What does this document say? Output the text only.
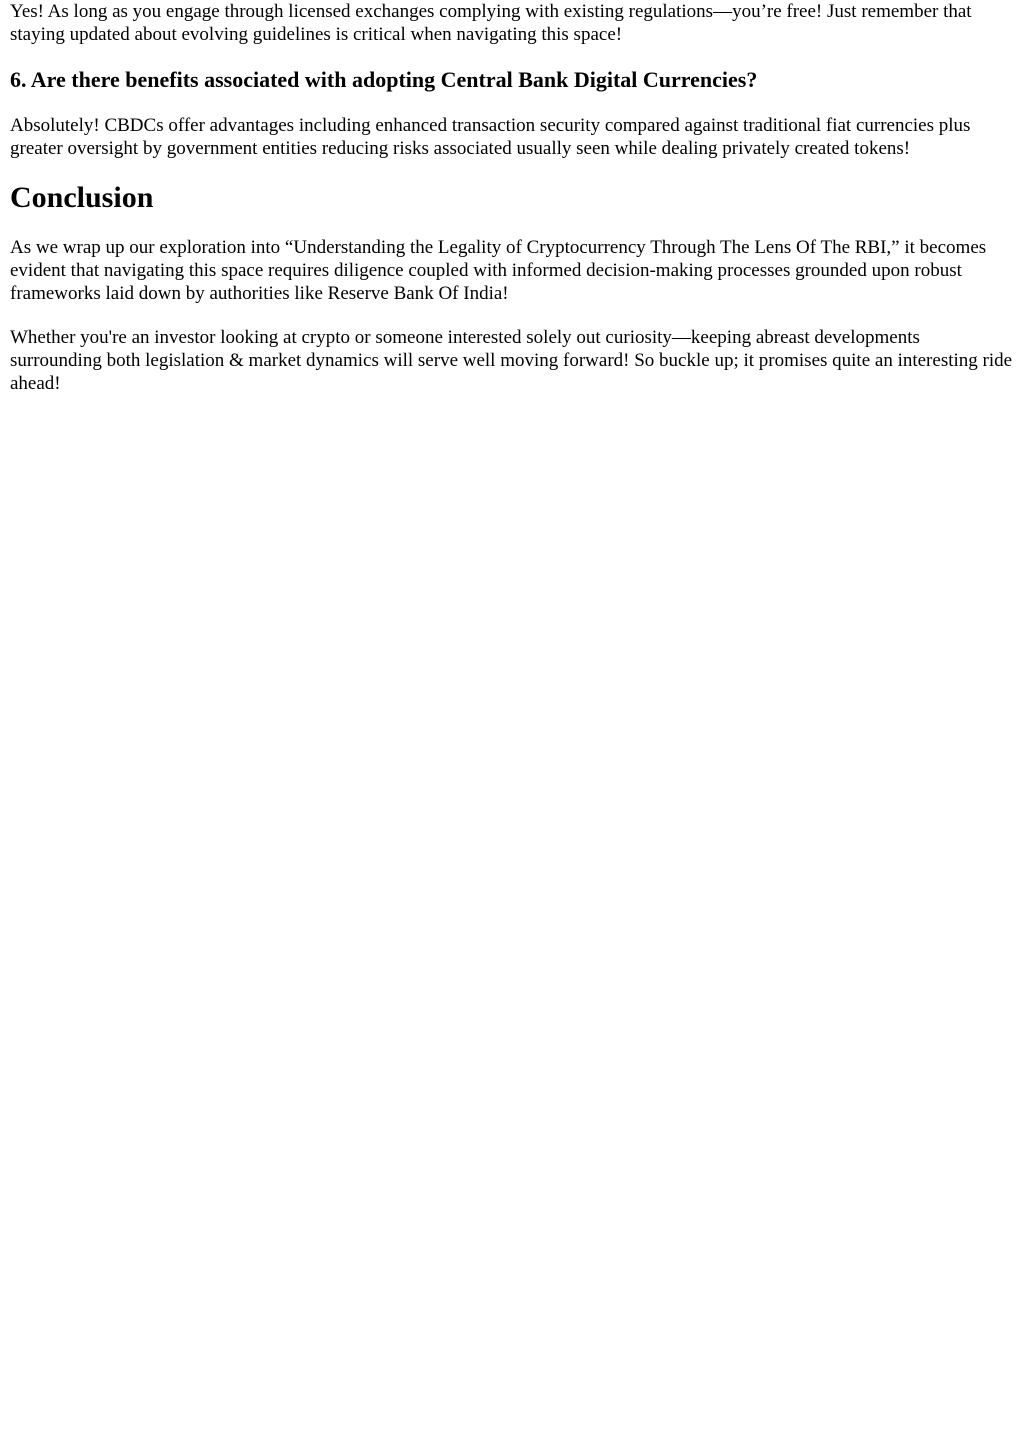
Yes! As long as you engage through licensed exchanges complying with existing regulations—you’re free! Just remember that staying updated about evolving guidelines is critical when navigating this space!

6. Are there benefits associated with adopting Central Bank Digital Currencies?

Absolutely! CBDCs offer advantages including enhanced transaction security compared against traditional fiat currencies plus greater oversight by government entities reducing risks associated usually seen while dealing privately created tokens!

Conclusion

As we wrap up our exploration into “Understanding the Legality of Cryptocurrency Through The Lens Of The RBI,” it becomes evident that navigating this space requires diligence coupled with informed decision-making processes grounded upon robust frameworks laid down by authorities like Reserve Bank Of India!

Whether you're an investor looking at crypto or someone interested solely out curiosity—keeping abreast developments surrounding both legislation & market dynamics will serve well moving forward! So buckle up; it promises quite an interesting ride ahead!
